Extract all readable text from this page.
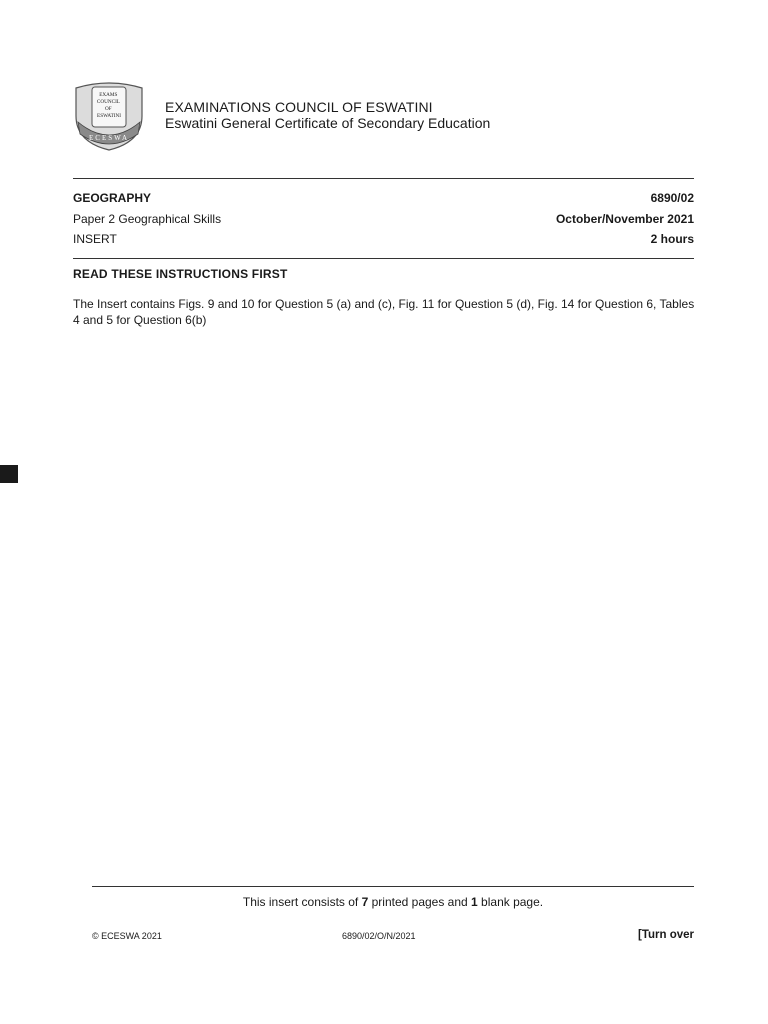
EXAMS COUNCIL OF ESWATINI
ECESWA
EXAMINATIONS COUNCIL OF ESWATINI
Eswatini General Certificate of Secondary Education
GEOGRAPHY	6890/02
Paper 2 Geographical Skills	October/November 2021
INSERT	2 hours
READ THESE INSTRUCTIONS FIRST
The Insert contains Figs. 9 and 10 for Question 5 (a) and (c), Fig. 11 for Question 5 (d), Fig. 14 for Question 6, Tables 4 and 5 for Question 6(b)
This insert consists of 7 printed pages and 1 blank page.
© ECESWA 2021	6890/02/O/N/2021	[Turn over
